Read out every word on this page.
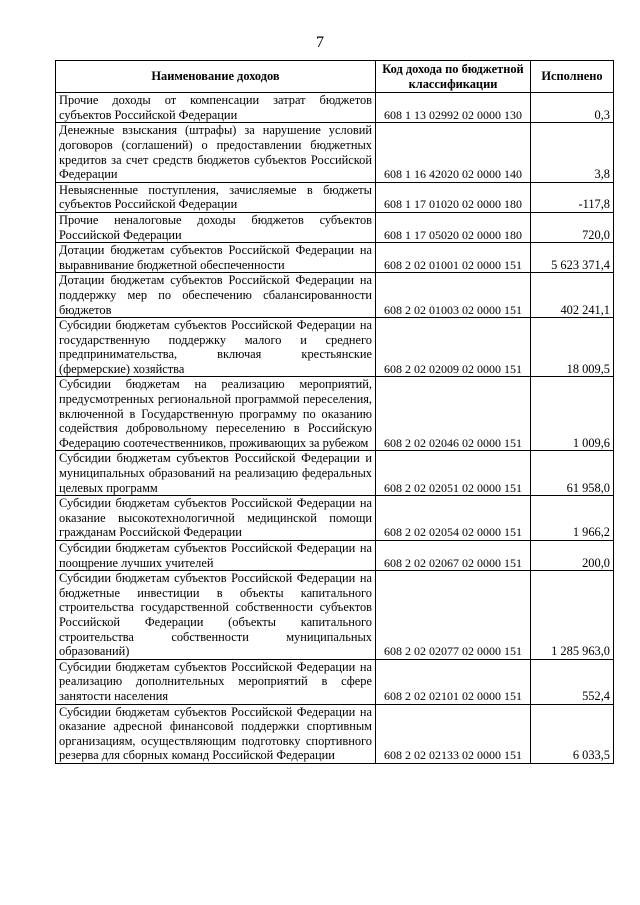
7
Наименование доходов	Код дохода по бюджетной классификации	Исполнено
Прочие доходы от компенсации затрат бюджетов субъектов Российской Федерации	608 1 13 02992 02 0000 130	0,3
Денежные взыскания (штрафы) за нарушение условий договоров (соглашений) о предоставлении бюджетных кредитов за счет средств бюджетов субъектов Российской Федерации	608 1 16 42020 02 0000 140	3,8
Невыясненные поступления, зачисляемые в бюджеты субъектов Российской Федерации	608 1 17 01020 02 0000 180	-117,8
Прочие неналоговые доходы бюджетов субъектов Российской Федерации	608 1 17 05020 02 0000 180	720,0
Дотации бюджетам субъектов Российской Федерации на выравнивание бюджетной обеспеченности	608 2 02 01001 02 0000 151	5 623 371,4
Дотации бюджетам субъектов Российской Федерации на поддержку мер по обеспечению сбалансированности бюджетов	608 2 02 01003 02 0000 151	402 241,1
Субсидии бюджетам субъектов Российской Федерации на государственную поддержку малого и среднего предпринимательства, включая крестьянские (фермерские) хозяйства	608 2 02 02009 02 0000 151	18 009,5
Субсидии бюджетам на реализацию мероприятий, предусмотренных региональной программой переселения, включенной в Государственную программу по оказанию содействия добровольному переселению в Российскую Федерацию соотечественников, проживающих за рубежом	608 2 02 02046 02 0000 151	1 009,6
Субсидии бюджетам субъектов Российской Федерации и муниципальных образований на реализацию федеральных целевых программ	608 2 02 02051 02 0000 151	61 958,0
Субсидии бюджетам субъектов Российской Федерации на оказание высокотехнологичной медицинской помощи гражданам Российской Федерации	608 2 02 02054 02 0000 151	1 966,2
Субсидии бюджетам субъектов Российской Федерации на поощрение лучших учителей	608 2 02 02067 02 0000 151	200,0
Субсидии бюджетам субъектов Российской Федерации на бюджетные инвестиции в объекты капитального строительства государственной собственности субъектов Российской Федерации (объекты капитального строительства собственности муниципальных образований)	608 2 02 02077 02 0000 151	1 285 963,0
Субсидии бюджетам субъектов Российской Федерации на реализацию дополнительных мероприятий в сфере занятости населения	608 2 02 02101 02 0000 151	552,4
Субсидии бюджетам субъектов Российской Федерации на оказание адресной финансовой поддержки спортивным организациям, осуществляющим подготовку спортивного резерва для сборных команд Российской Федерации	608 2 02 02133 02 0000 151	6 033,5
